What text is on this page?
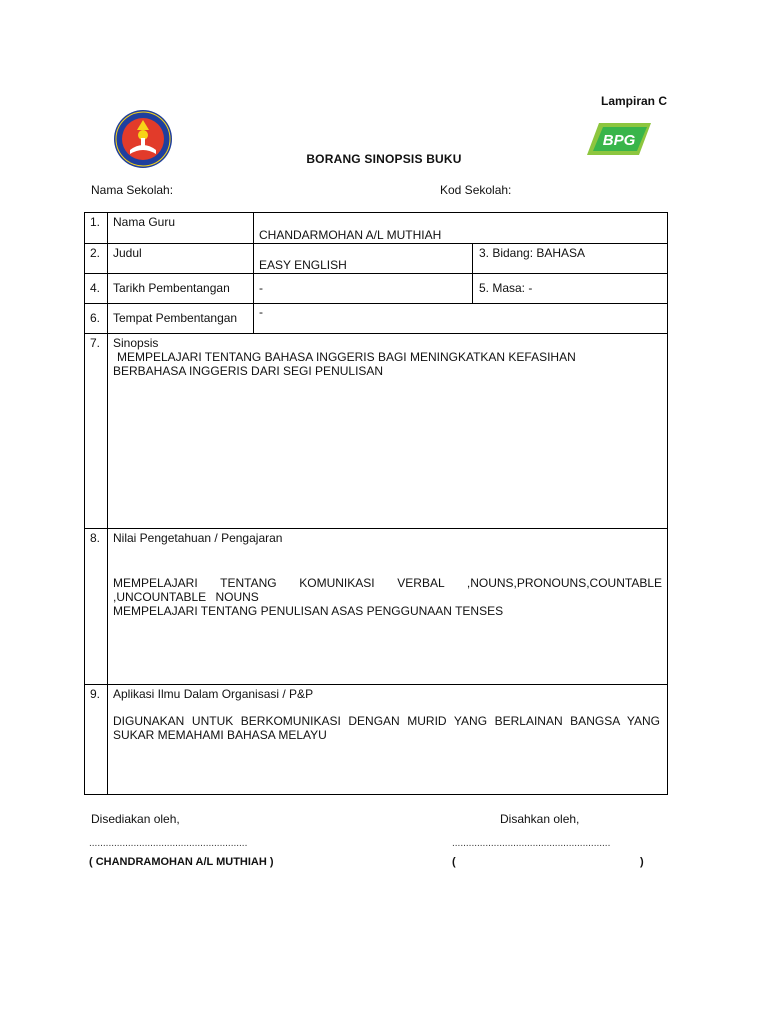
Lampiran C
BPG
BORANG SINOPSIS BUKU
Nama Sekolah:	Kod Sekolah:
1.	Nama Guru	CHANDARMOHAN A/L MUTHIAH	
2.	Judul	EASY ENGLISH	3. Bidang: BAHASA
4.	Tarikh Pembentangan	-	5. Masa: -
6.	Tempat Pembentangan	-	
7.	Sinopsis
MEMPELAJARI TENTANG BAHASA INGGERIS BAGI MENINGKATKAN KEFASIHAN
BERBAHASA INGGERIS DARI SEGI PENULISAN		

8.	Nilai Pengetahuan / Pengajaran
MEMPELAJARI TENTANG KOMUNIKASI VERBAL ,NOUNS,PRONOUNS,COUNTABLE ,UNCOUNTABLE NOUNS
MEMPELAJARI TENTANG PENULISAN ASAS PENGGUNAAN TENSES		

9.	Aplikasi Ilmu Dalam Organisasi / P&P
DIGUNAKAN UNTUK BERKOMUNIKASI DENGAN MURID YANG BERLAINAN BANGSA YANG SUKAR MEMAHAMI BAHASA MELAYU		
Disediakan oleh,	Disahkan oleh,
.........................................................	.........................................................
( CHANDRAMOHAN A/L MUTHIAH )	(	)
